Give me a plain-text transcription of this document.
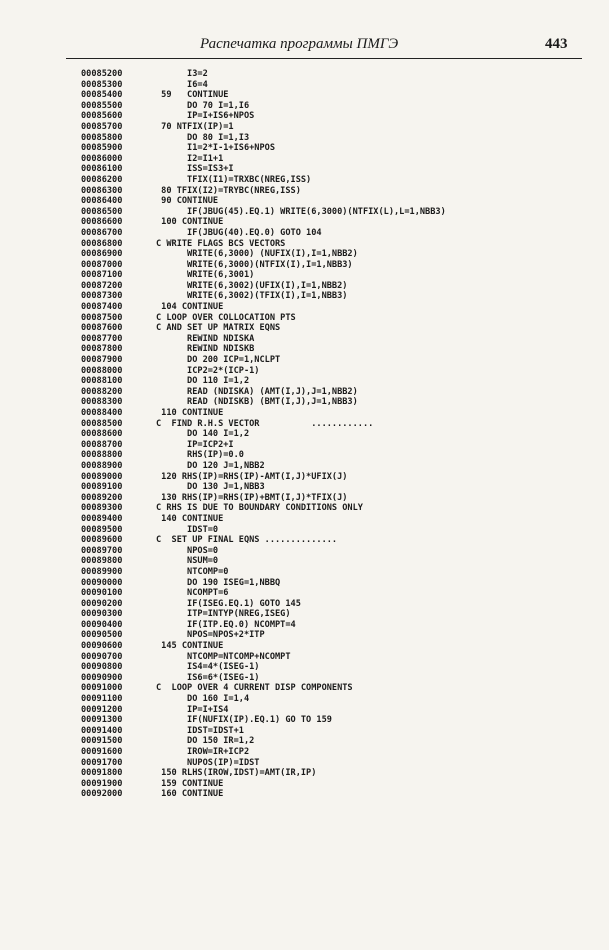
Распечатка программы ПМГЭ	443
00085200	I3=2
00085300	I6=4
00085400	59   CONTINUE
00085500	DO 70 I=1,I6
00085600	IP=I+IS6+NPOS
00085700	70 NTFIX(IP)=1
00085800	DO 80 I=1,I3
00085900	I1=2*I-1+IS6+NPOS
00086000	I2=I1+1
00086100	ISS=IS3+I
00086200	TFIX(I1)=TRXBC(NREG,ISS)
00086300	80 TFIX(I2)=TRYBC(NREG,ISS)
00086400	90 CONTINUE
00086500	IF(JBUG(45).EQ.1) WRITE(6,3000)(NTFIX(L),L=1,NBB3)
00086600	100 CONTINUE
00086700	IF(JBUG(40).EQ.0) GOTO 104
00086800	C WRITE FLAGS BCS VECTORS
00086900	WRITE(6,3000) (NUFIX(I),I=1,NBB2)
00087000	WRITE(6,3000)(NTFIX(I),I=1,NBB3)
00087100	WRITE(6,3001)
00087200	WRITE(6,3002)(UFIX(I),I=1,NBB2)
00087300	WRITE(6,3002)(TFIX(I),I=1,NBB3)
00087400	104 CONTINUE
00087500	C LOOP OVER COLLOCATION PTS
00087600	C AND SET UP MATRIX EQNS
00087700	REWIND NDISKA
00087800	REWIND NDISKB
00087900	DO 200 ICP=1,NCLPT
00088000	ICP2=2*(ICP-1)
00088100	DO 110 I=1,2
00088200	READ (NDISKA) (AMT(I,J),J=1,NBB2)
00088300	READ (NDISKB) (BMT(I,J),J=1,NBB3)
00088400	110 CONTINUE
00088500	C  FIND R.H.S VECTOR          ............
00088600	DO 140 I=1,2
00088700	IP=ICP2+I
00088800	RHS(IP)=0.0
00088900	DO 120 J=1,NBB2
00089000	120 RHS(IP)=RHS(IP)-AMT(I,J)*UFIX(J)
00089100	DO 130 J=1,NBB3
00089200	130 RHS(IP)=RHS(IP)+BMT(I,J)*TFIX(J)
00089300	C RHS IS DUE TO BOUNDARY CONDITIONS ONLY
00089400	140 CONTINUE
00089500	IDST=0
00089600	C  SET UP FINAL EQNS ..............
00089700	NPOS=0
00089800	NSUM=0
00089900	NTCOMP=0
00090000	DO 190 ISEG=1,NBBQ
00090100	NCOMPT=6
00090200	IF(ISEG.EQ.1) GOTO 145
00090300	ITP=INTYP(NREG,ISEG)
00090400	IF(ITP.EQ.0) NCOMPT=4
00090500	NPOS=NPOS+2*ITP
00090600	145 CONTINUE
00090700	NTCOMP=NTCOMP+NCOMPT
00090800	IS4=4*(ISEG-1)
00090900	IS6=6*(ISEG-1)
00091000	C  LOOP OVER 4 CURRENT DISP COMPONENTS
00091100	DO 160 I=1,4
00091200	IP=I+IS4
00091300	IF(NUFIX(IP).EQ.1) GO TO 159
00091400	IDST=IDST+1
00091500	DO 150 IR=1,2
00091600	IROW=IR+ICP2
00091700	NUPOS(IP)=IDST
00091800	150 RLHS(IROW,IDST)=AMT(IR,IP)
00091900	159 CONTINUE
00092000	160 CONTINUE
